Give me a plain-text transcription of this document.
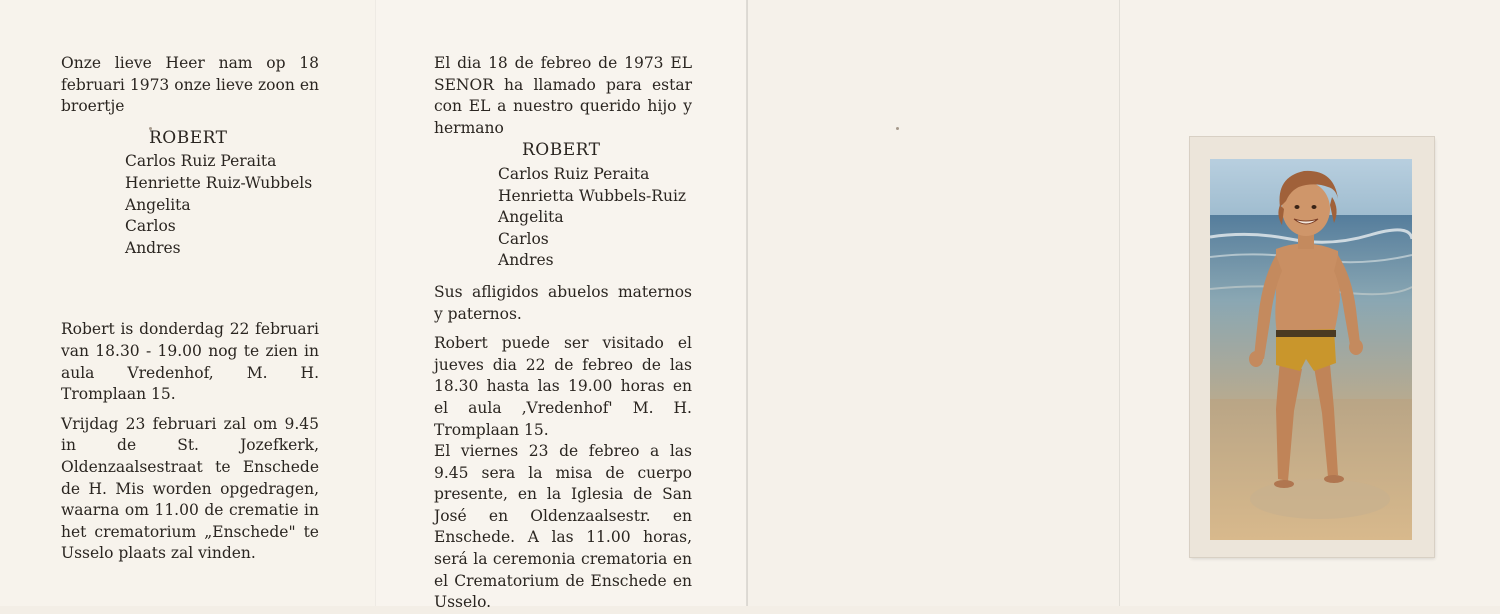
Onze lieve Heer nam op 18 februari 1973 onze lieve zoon en broertje

ROBERT

Carlos Ruiz Peraita
Henriette Ruiz-Wubbels
Angelita
Carlos
Andres

Robert is donderdag 22 februari van 18.30 - 19.00 nog te zien in aula Vredenhof, M. H. Tromplaan 15.

Vrijdag 23 februari zal om 9.45 in de St. Jozefkerk, Oldenzaalsestraat te Enschede de H. Mis worden opgedragen, waarna om 11.00 de crematie in het crematorium „Enschede" te Usselo plaats zal vinden.

El dia 18 de febreo de 1973 EL SENOR ha llamado para estar con EL a nuestro querido hijo y hermano

ROBERT

Carlos Ruiz Peraita
Henrietta Wubbels-Ruiz
Angelita
Carlos
Andres

Sus afligidos abuelos maternos y paternos.

Robert puede ser visitado el jueves dia 22 de febreo de las 18.30 hasta las 19.00 horas en el aula ‚Vredenhof' M. H. Tromplaan 15.

El viernes 23 de febreo a las 9.45 sera la misa de cuerpo presente, en la Iglesia de San José en Oldenzaalsestr. en Enschede. A las 11.00 horas, será la ceremonia crematoria en el Crematorium de Enschede en Usselo.
